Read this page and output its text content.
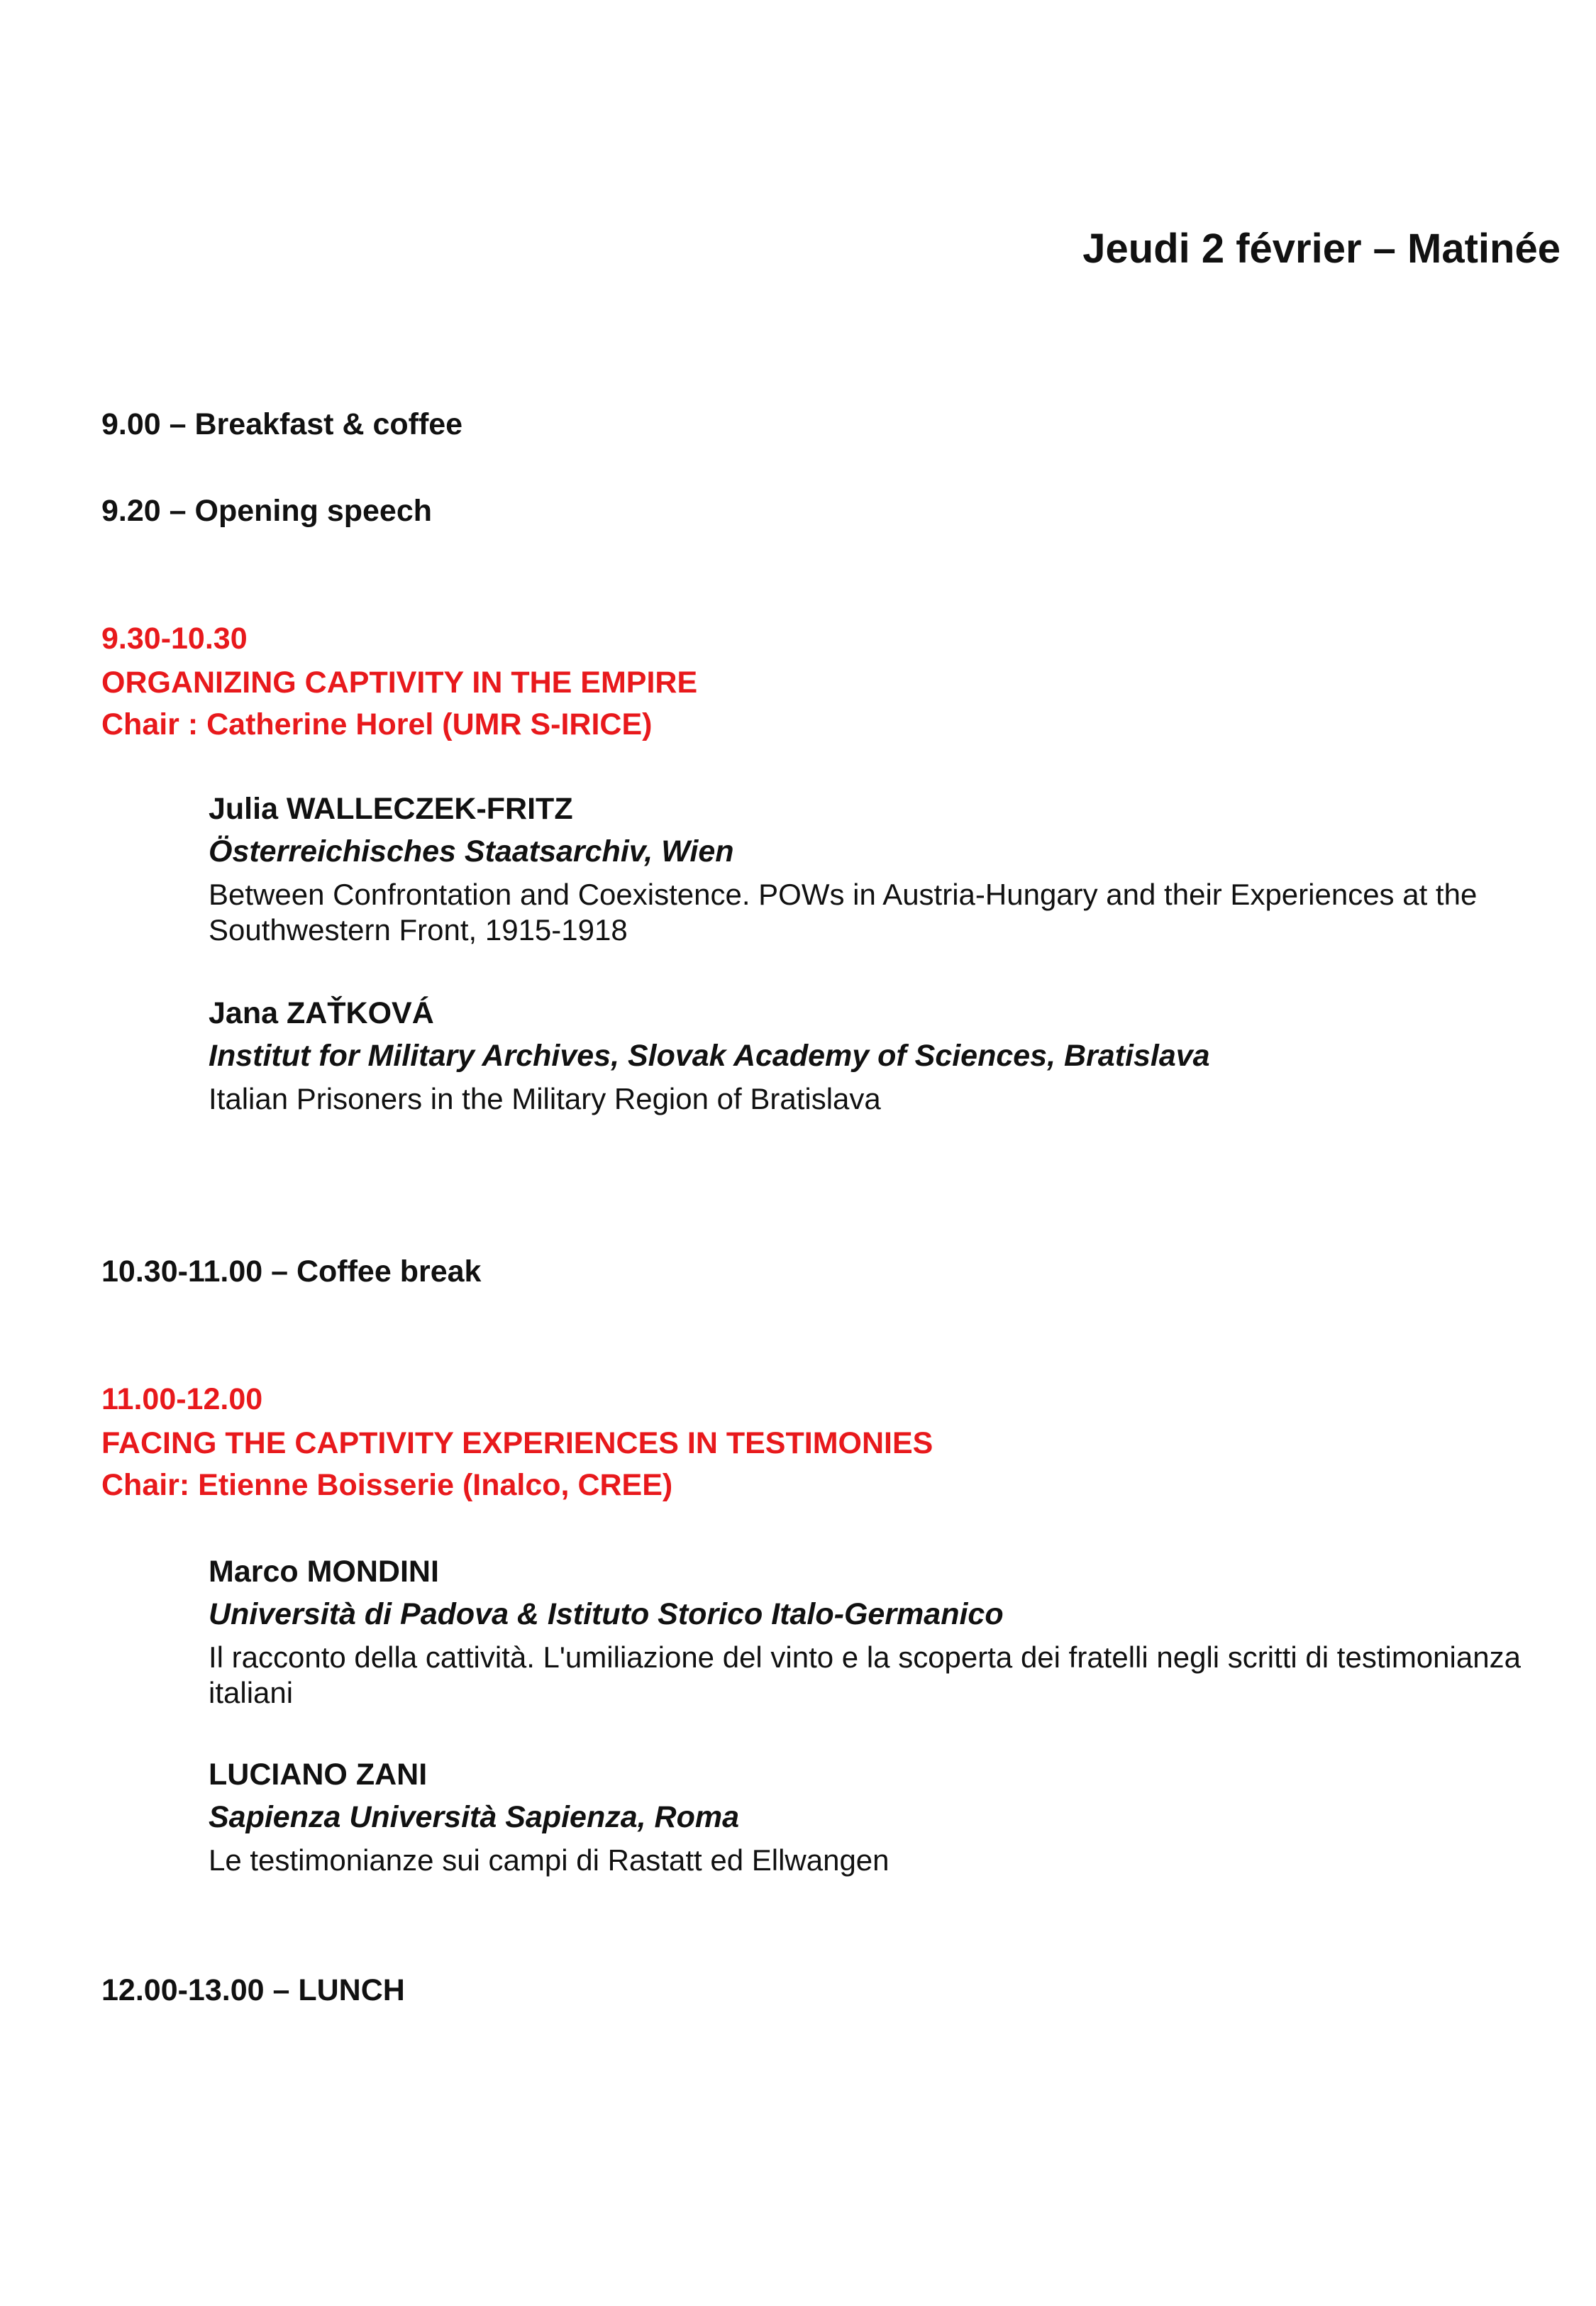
Jeudi 2 février – Matinée
9.00 – Breakfast & coffee
9.20 – Opening speech
9.30-10.30
ORGANIZING CAPTIVITY IN THE EMPIRE
Chair : Catherine Horel (UMR S-IRICE)
Julia WALLECZEK-FRITZ
Österreichisches Staatsarchiv, Wien
Between Confrontation and Coexistence. POWs in Austria-Hungary and their Experiences at the Southwestern Front, 1915-1918
Jana ZAŤKOVÁ
Institut for Military Archives, Slovak Academy of Sciences, Bratislava
Italian Prisoners in the Military Region of Bratislava
10.30-11.00 – Coffee break
11.00-12.00
FACING THE CAPTIVITY EXPERIENCES IN TESTIMONIES
Chair: Etienne Boisserie (Inalco, CREE)
Marco MONDINI
Università di Padova & Istituto Storico Italo-Germanico
Il racconto della cattività. L'umiliazione del vinto e la scoperta dei fratelli negli scritti di testimonianza italiani
LUCIANO ZANI
Sapienza Università Sapienza, Roma
Le testimonianze sui campi di Rastatt ed Ellwangen
12.00-13.00 – LUNCH
